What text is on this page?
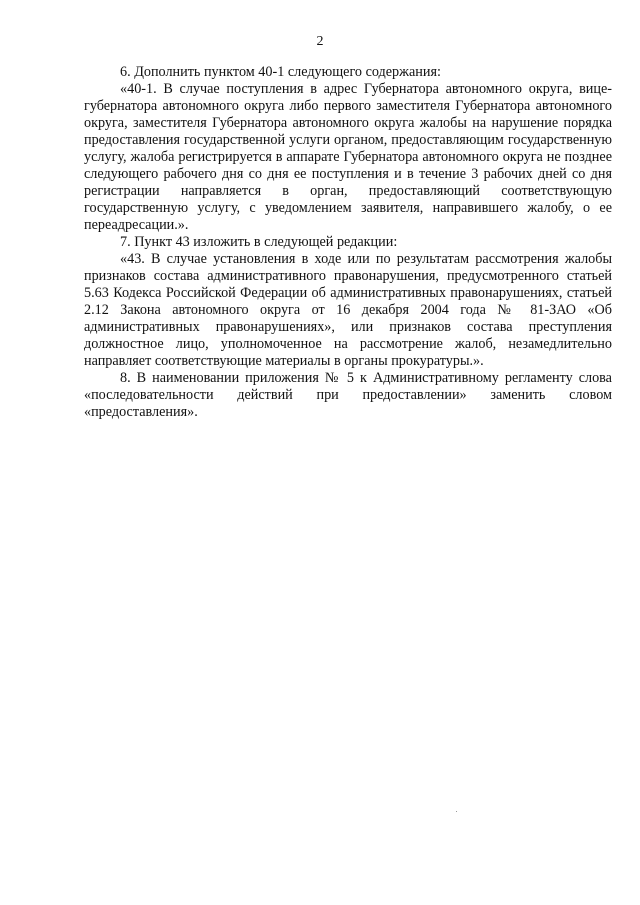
2

6. Дополнить пунктом 40-1 следующего содержания:

«40-1. В случае поступления в адрес Губернатора автономного округа, вице-губернатора автономного округа либо первого заместителя Губернатора автономного округа, заместителя Губернатора автономного округа жалобы на нарушение порядка предоставления государственной услуги органом, предоставляющим государственную услугу, жалоба регистрируется в аппарате Губернатора автономного округа не позднее следующего рабочего дня со дня ее поступления и в течение 3 рабочих дней со дня регистрации направляется в орган, предоставляющий соответствующую государственную услугу, с уведомлением заявителя, направившего жалобу, о ее переадресации.».

7. Пункт 43 изложить в следующей редакции:

«43. В случае установления в ходе или по результатам рассмотрения жалобы признаков состава административного правонарушения, предусмотренного статьей 5.63 Кодекса Российской Федерации об административных правонарушениях, статьей 2.12 Закона автономного округа от 16 декабря 2004 года № 81-ЗАО «Об административных правонарушениях», или признаков состава преступления должностное лицо, уполномоченное на рассмотрение жалоб, незамедлительно направляет соответствующие материалы в органы прокуратуры.».

8. В наименовании приложения № 5 к Административному регламенту слова «последовательности действий при предоставлении» заменить словом «предоставления».
